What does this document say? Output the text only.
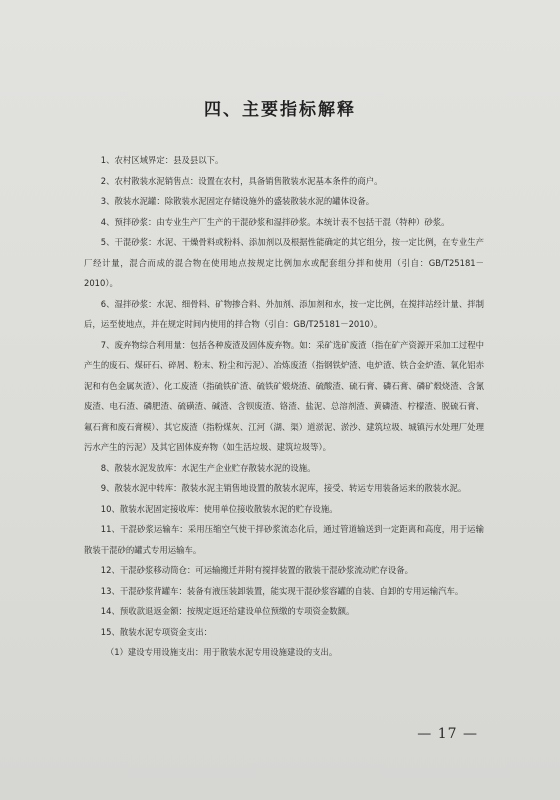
四、主要指标解释

1、农村区域界定：县及县以下。

2、农村散装水泥销售点：设置在农村，具备销售散装水泥基本条件的商户。

3、散装水泥罐：除散装水泥固定存储设施外的盛装散装水泥的罐体设备。

4、预拌砂浆：由专业生产厂生产的干混砂浆和湿拌砂浆。本统计表不包括干混（特种）砂浆。

5、干混砂浆：水泥、干燥骨料或粉料、添加剂以及根据性能确定的其它组分，按一定比例，在专业生产厂经计量，混合而成的混合物在使用地点按规定比例加水或配套组分拌和使用（引自：GB/T25181－2010）。

6、湿拌砂浆：水泥、细骨料、矿物掺合料、外加剂、添加剂和水，按一定比例，在搅拌站经计量、拌制后，运至使地点，并在规定时间内使用的拌合物（引自：GB/T25181－2010）。

7、废弃物综合利用量：包括各种废渣及固体废弃物。如：采矿选矿废渣（指在矿产资源开采加工过程中产生的废石、煤矸石、碎屑、粉末、粉尘和污泥）、冶炼废渣（指钢铁炉渣、电炉渣、铁合金炉渣、氧化铝赤泥和有色金属灰渣）、化工废渣（指硫铁矿渣、硫铁矿煅烧渣、硫酸渣、硫石膏、磷石膏、磷矿煅烧渣、含氰废渣、电石渣、磷肥渣、硫磺渣、碱渣、含钡废渣、铬渣、盐泥、总溶剂渣、黄磷渣、柠檬渣、脱硫石膏、氟石膏和废石膏模）、其它废渣（指粉煤灰、江河（湖、渠）道淤泥、淤沙、建筑垃圾、城镇污水处理厂处理污水产生的污泥）及其它固体废弃物（如生活垃圾、建筑垃圾等）。

8、散装水泥发放库：水泥生产企业贮存散装水泥的设施。

9、散装水泥中转库：散装水泥主销售地设置的散装水泥库，接受、转运专用装备运来的散装水泥。

10、散装水泥固定接收库：使用单位接收散装水泥的贮存设施。

11、干混砂浆运输车：采用压缩空气使干拌砂浆流态化后，通过管道输送到一定距离和高度，用于运输散装干混砂的罐式专用运输车。

12、干混砂浆移动筒仓：可运输搬迁并附有搅拌装置的散装干混砂浆流动贮存设备。

13、干混砂浆背罐车：装备有液压装卸装置，能实现干混砂浆容罐的自装、自卸的专用运输汽车。

14、预收款退返金额：按规定返还给建设单位预缴的专项资金数额。

15、散装水泥专项资金支出：

（1）建设专用设施支出：用于散装水泥专用设施建设的支出。

— 17 —
